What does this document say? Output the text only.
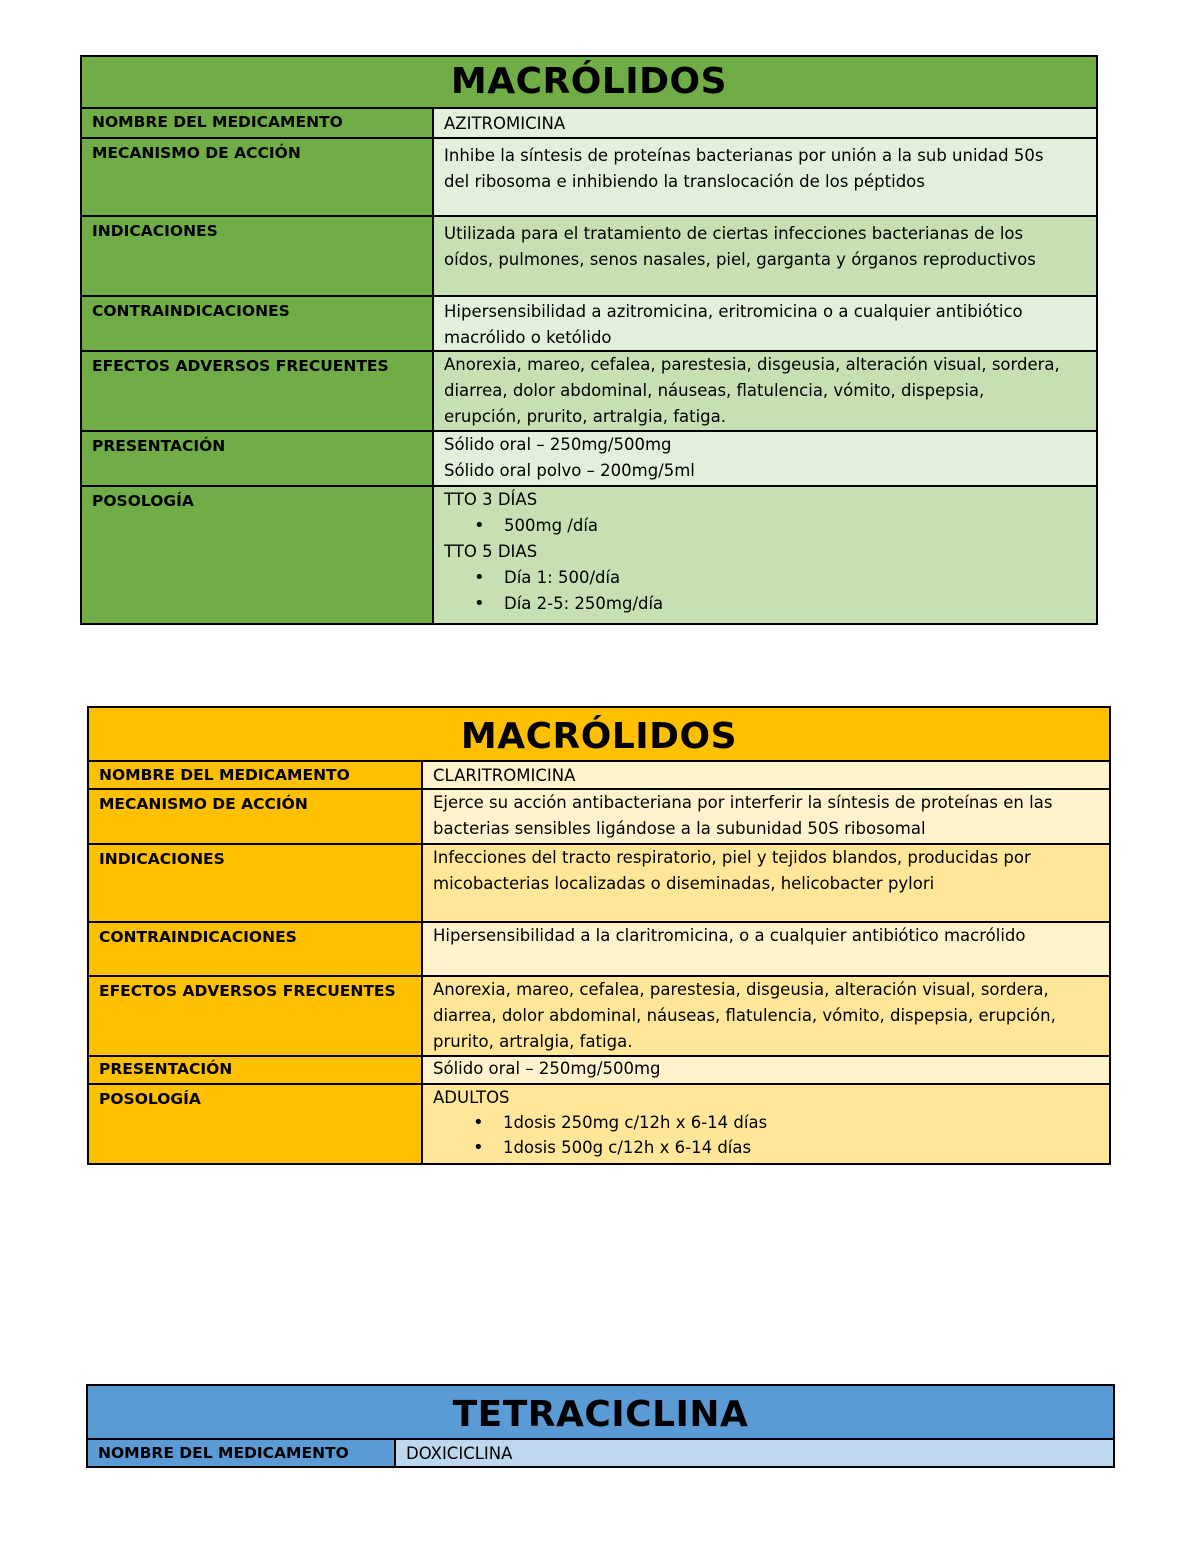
MACRÓLIDOS
NOMBRE DEL MEDICAMENTO	AZITROMICINA
MECANISMO DE ACCIÓN	Inhibe la síntesis de proteínas bacterianas por unión a la sub unidad 50s

del ribosoma e inhibiendo la translocación de los péptidos

INDICACIONES	Utilizada para el tratamiento de ciertas infecciones bacterianas de los

oídos, pulmones, senos nasales, piel, garganta y órganos reproductivos

CONTRAINDICACIONES	Hipersensibilidad a azitromicina, eritromicina o a cualquier antibiótico

macrólido o ketólido

EFECTOS ADVERSOS FRECUENTES	Anorexia, mareo, cefalea, parestesia, disgeusia, alteración visual, sordera,

diarrea, dolor abdominal, náuseas, flatulencia, vómito, dispepsia,

erupción, prurito, artralgia, fatiga.

PRESENTACIÓN	Sólido oral – 250mg/500mg

Sólido oral polvo – 200mg/5ml

POSOLOGÍA	TTO 3 DÍAS

• 500mg /día

TTO 5 DIAS

• Día 1: 500/día
• Día 2-5: 250mg/día
MACRÓLIDOS
NOMBRE DEL MEDICAMENTO	CLARITROMICINA
MECANISMO DE ACCIÓN	Ejerce su acción antibacteriana por interferir la síntesis de proteínas en las

bacterias sensibles ligándose a la subunidad 50S ribosomal

INDICACIONES	Infecciones del tracto respiratorio, piel y tejidos blandos, producidas por

micobacterias localizadas o diseminadas, helicobacter pylori

CONTRAINDICACIONES	Hipersensibilidad a la claritromicina, o a cualquier antibiótico macrólido

EFECTOS ADVERSOS FRECUENTES	Anorexia, mareo, cefalea, parestesia, disgeusia, alteración visual, sordera,

diarrea, dolor abdominal, náuseas, flatulencia, vómito, dispepsia, erupción,

prurito, artralgia, fatiga.

PRESENTACIÓN	Sólido oral – 250mg/500mg

POSOLOGÍA	ADULTOS

• 1dosis 250mg c/12h x 6-14 días
• 1dosis 500g c/12h x 6-14 días
TETRACICLINA
NOMBRE DEL MEDICAMENTO	DOXICICLINA
